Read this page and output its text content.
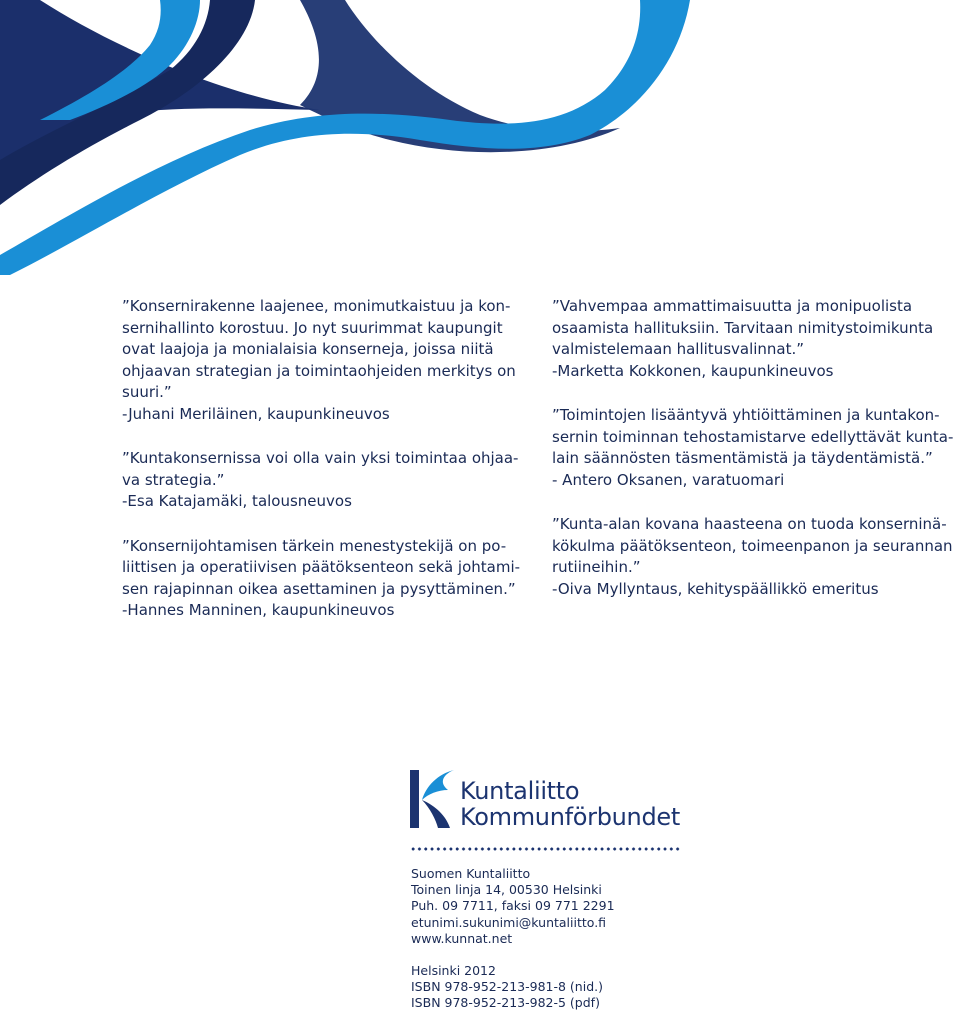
”Konsernirakenne laajenee, monimutkaistuu ja kon-
sernihallinto korostuu. Jo nyt suurimmat kaupungit
ovat laajoja ja monialaisia konserneja, joissa niitä
ohjaavan strategian ja toimintaohjeiden merkitys on
suuri.”

-Juhani Meriläinen, kaupunkineuvos

”Kuntakonsernissa voi olla vain yksi toimintaa ohjaa-
va strategia.”

-Esa Katajamäki, talousneuvos

”Konsernijohtamisen tärkein menestystekijä on po-
liittisen ja operatiivisen päätöksenteon sekä johtami-
sen rajapinnan oikea asettaminen ja pysyttäminen.”

-Hannes Manninen, kaupunkineuvos

”Vahvempaa ammattimaisuutta ja monipuolista
osaamista hallituksiin. Tarvitaan nimitystoimikunta
valmistelemaan hallitusvalinnat.”

-Marketta Kokkonen, kaupunkineuvos

”Toimintojen lisääntyvä yhtiöittäminen ja kuntakon-
sernin toiminnan tehostamistarve edellyttävät kunta-
lain säännösten täsmentämistä ja täydentämistä.”

- Antero Oksanen, varatuomari

”Kunta-alan kovana haasteena on tuoda konserninä-
kökulma päätöksenteon, toimeenpanon ja seurannan
rutiineihin.”

-Oiva Myllyntaus, kehityspäällikkö emeritus

Kuntaliitto
Kommunförbundet
Suomen Kuntaliitto
Toinen linja 14, 00530 Helsinki
Puh. 09 7711, faksi 09 771 2291
etunimi.sukunimi@kuntaliitto.fi
www.kunnat.net
Helsinki 2012
ISBN 978-952-213-981-8 (nid.)
ISBN 978-952-213-982-5 (pdf)
